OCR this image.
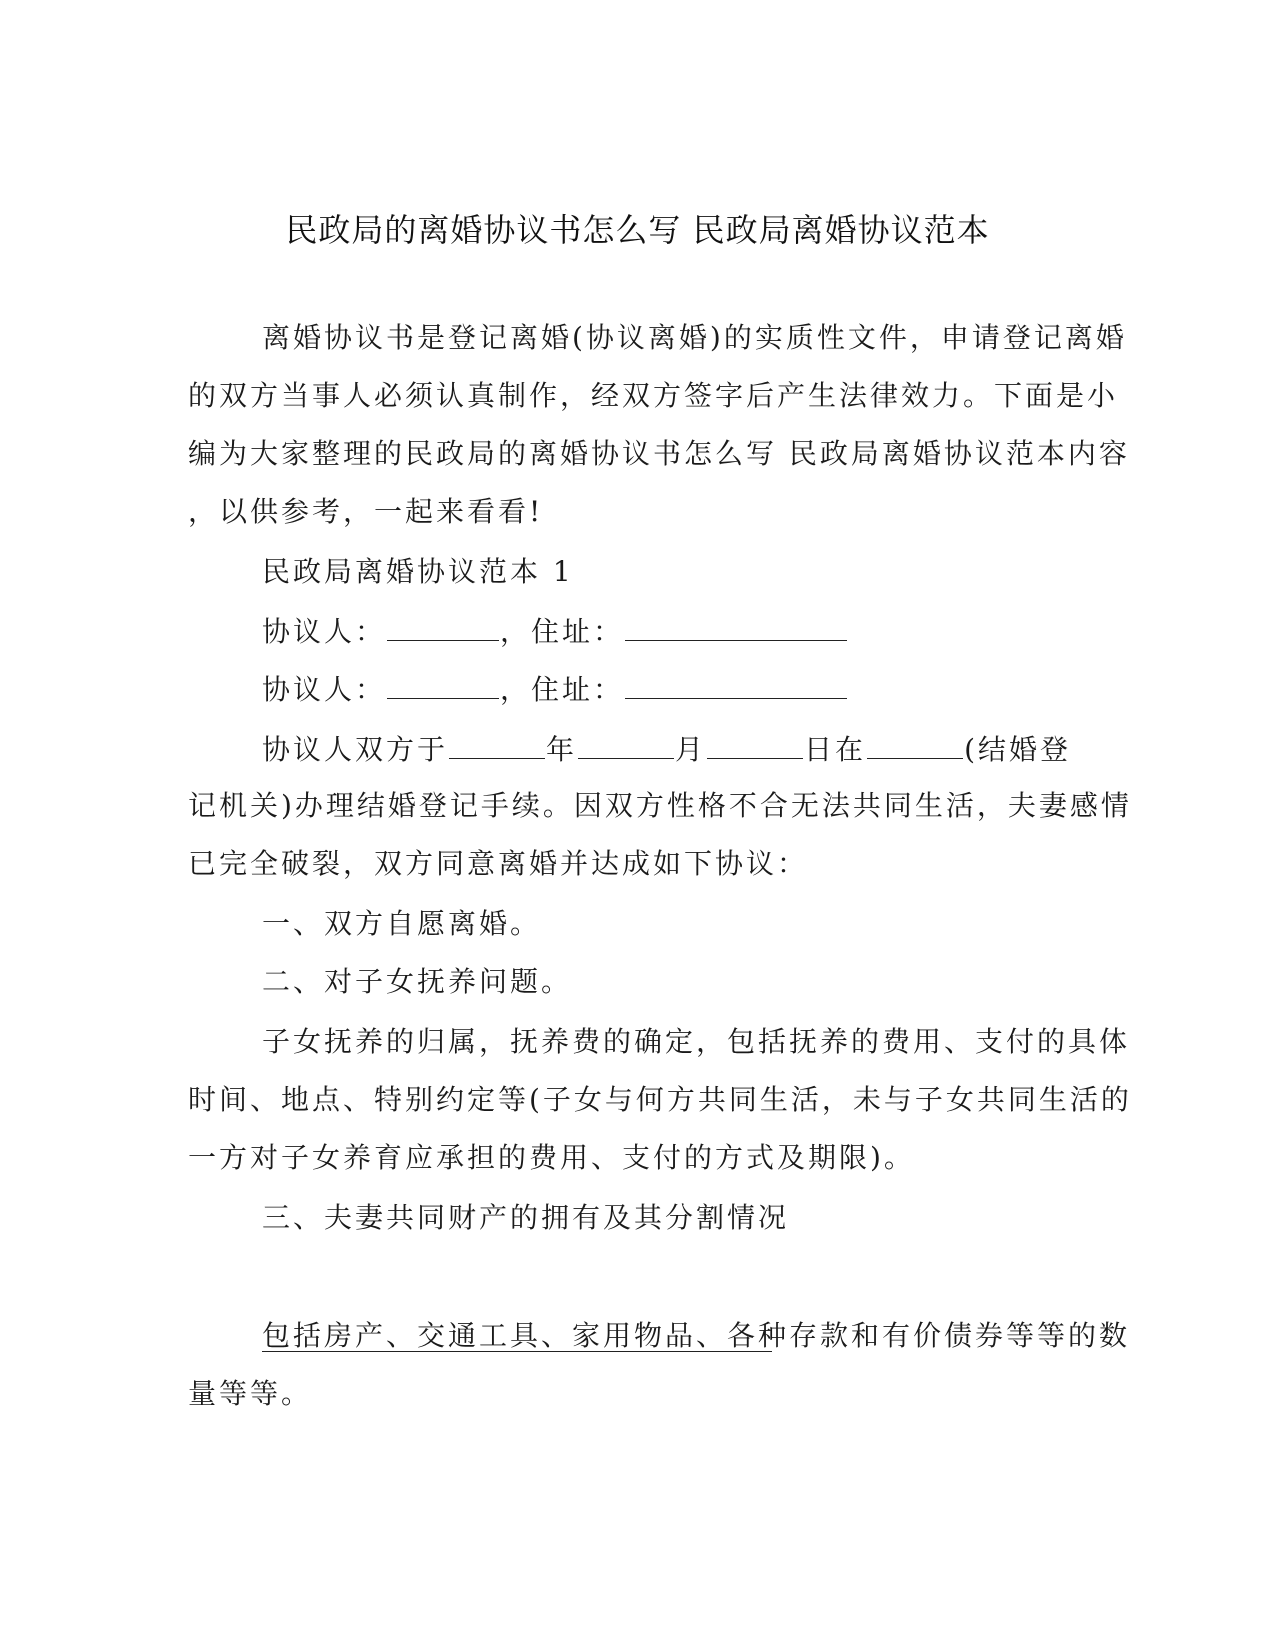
民政局的离婚协议书怎么写 民政局离婚协议范本
离婚协议书是登记离婚(协议离婚)的实质性文件，申请登记离婚
的双方当事人必须认真制作，经双方签字后产生法律效力。下面是小
编为大家整理的民政局的离婚协议书怎么写 民政局离婚协议范本内容
，以供参考，一起来看看!
民政局离婚协议范本 1
协议人：	，住址：
协议人：	，住址：
协议人双方于	年	月	日在	(结婚登
记机关)办理结婚登记手续。因双方性格不合无法共同生活，夫妻感情
已完全破裂，双方同意离婚并达成如下协议：
一、双方自愿离婚。
二、对子女抚养问题。
子女抚养的归属，抚养费的确定，包括抚养的费用、支付的具体
时间、地点、特别约定等(子女与何方共同生活，未与子女共同生活的
一方对子女养育应承担的费用、支付的方式及期限)。
三、夫妻共同财产的拥有及其分割情况
包括房产、交通工具、家用物品、各种存款和有价债券等等的数
量等等。
